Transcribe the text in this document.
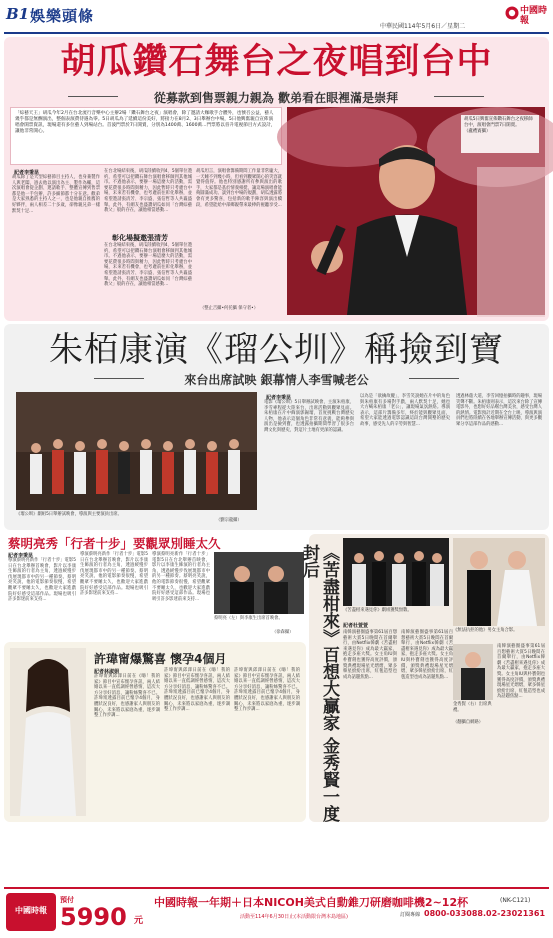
B1 娛樂頭條
中華民國114年5月6日／星期二
中國時報
胡瓜鑽石舞台之夜唱到台中
從募款到售票親力親為 歡弟看在眼裡滿是崇拜
「綜藝天王」胡瓜今年2月在台北流行音樂中心主辦2場「鑽石舞台之夜」演唱會，除了邀請大咖歌手合體外，也號召公益，藝人幾乎都是無酬演出，整個表演費待遇為零。5日胡瓜為了延續這份美好，將接力在8月2、3日舉辦台中場，5日他興奮親自宣佈演唱會開票資訊，現場還有多位藝人到場站台。首波門票於7日開賣，分別為1400萬、1600萬...門票將以晉升電視節目方式設計，讓他非常開心。
記者李秉昆
胡瓜除了是大型綜藝節目主持人，也身兼製作人與老闆，過去他以演出為主、製作為輔，這次演唱會從企劃、邀請歌手、整體宣傳到售票都是他一手包辦，許多細節都十分在意。歡弟是大家熟悉的主持人之一，也是他親自推薦的好夥伴，兩人相差二十多歲，卻像親兄弟一樣默契十足...
彰化場擬邀張清芳
在台北場結束後，胡瓜陸續收到4、5個單位邀約，希望可以把鑽石舞台演唱會移師到其他城市。不過他表示，要辦一場這麼大的活動，需要花費很多時間與精力，因此暫時只考慮台中場，未來若有機會，也考慮前往彰化舉辦，並希望邀請張清芳、李宗盛、張信哲等人共襄盛舉。此外，有網友也盛讚胡瓜如同「台灣綜藝教父」般的存在，讓他相當感動...
在台北場結束後，胡瓜陸續收到4、5個單位邀約，希望可以把鑽石舞台演唱會移師到其他城市。不過他表示，要辦一場這麼大的活動，需要花費很多時間與精力，因此暫時只考慮台中場，未來若有機會，也考慮前往彰化舉辦，並希望邀請張清芳、李宗盛、張信哲等人共襄盛舉。此外，有網友也盛讚胡瓜如同「台灣綜藝教父」般的存在，讓他相當感動...
胡瓜坦言，演唱會籌備期間工作量非常龐大，一天睡不到幾小時，但看到觀眾開心的笑容就覺得值得。他也特別感謝所有參與演出的歌手，大家都是基於情義相挺，讓這場演唱會能夠圓滿成功。談到台中場的規劃，胡瓜透露將會有更多驚喜，包括新的歌手陣容與演出橋段，希望能給中部鄉親帶來最棒的視聽享受...
（整止吉攝•何托攝 保守者•）
胡瓜5日興奮宣佈鑽石舞台之夜移師台中，演唱會門票7日開賣。
（盧禮賓攝）
朱栢康演《瑠公圳》稱撿到寶
來台出席試映 銀幕情人李雪喊老公
《瑠公圳》劇組5日舉辦試映會，導演與主要演員出席。
（劉宗龍攝）
記者李秉昆
電影《瑠公圳》5日舉辦試映會，主演朱栢康、李雪專程從大陸來台，出席活動與觀眾見面。朱栢康在片中飾演郭錫瑠，首度挑戰台灣歷史人物，他表示這個角色非常有意義，能夠參與演出是撿到寶，也透露拍攝期間學習了很多台灣文化與歷史，對這片土地有更深的認識。
以為是「欲擒故縱」，李雪笑說她在片中的角色與朱栢康有多場對手戲，兩人默契十足，她也大方喊朱栢康「老公」，讓現場氣氛熱絡。導演表示，這部片籌備多年，終於能與觀眾見面，希望大家能透過電影認識這段台灣開墾的歷史故事，感受先人的辛勞與智慧...
透過林蔭大道，李雪回憶拍攝時的趣事，現場笑聲不斷。朱栢康則表示，這次來台除了宣傳電影外，也想好好品嚐台灣美食，感受台灣人的熱情。電影預計近期在全台上映，導演與演員們也將陸續在各地舉辦宣傳活動，與更多觀眾分享這部作品的感動...
蔡明亮秀「行者十步」要觀眾別睡太久
記者李秉昆
導演蔡明亮新作「行者十步」電影5日在台北舉辦首映會，影片以李康生飾演的行者為主角，透過緩慢步伐展現都市中的另一種節奏。蔡明亮笑說，他的電影節奏很慢，希望觀眾不要睡太久，也歡迎大家進戲院好好感受這部作品。現場也吸引許多影迷前來支持...
導演蔡明亮新作「行者十步」電影5日在台北舉辦首映會，影片以李康生飾演的行者為主角，透過緩慢步伐展現都市中的另一種節奏。蔡明亮笑說，他的電影節奏很慢，希望觀眾不要睡太久，也歡迎大家進戲院好好感受這部作品。現場也吸引許多影迷前來支持...
導演蔡明亮新作「行者十步」電影5日在台北舉辦首映會，影片以李康生飾演的行者為主角，透過緩慢步伐展現都市中的另一種節奏。蔡明亮笑說，他的電影節奏很慢，希望觀眾不要睡太久，也歡迎大家進戲院好好感受這部作品。現場也吸引許多影迷前來支持...
蔡明亮（左）與李康生出席首映會。
（徐森攝）
許瑋甯爆驚喜 懷孕4個月
記者林淑娟
許瑋甯與邱澤日前在《嗨！我的家》節目中宣布懷孕喜訊，兩人結婚以來一直低調經營感情，這次大方分享好消息，讓粉絲驚喜不已。許瑋甯透露目前已懷孕4個月，身體狀況良好，也感謝家人與朋友的關心，未來將以家庭為重，逐步調整工作步調...
許瑋甯與邱澤日前在《嗨！我的家》節目中宣布懷孕喜訊，兩人結婚以來一直低調經營感情，這次大方分享好消息，讓粉絲驚喜不已。許瑋甯透露目前已懷孕4個月，身體狀況良好，也感謝家人與朋友的關心，未來將以家庭為重，逐步調整工作步調...
許瑋甯與邱澤日前在《嗨！我的家》節目中宣布懷孕喜訊，兩人結婚以來一直低調經營感情，這次大方分享好消息，讓粉絲驚喜不已。許瑋甯透露目前已懷孕4個月，身體狀況良好，也感謝家人與朋友的關心，未來將以家庭為重，逐步調整工作步調...	《苦盡柑來》百想大贏家 金秀賢一度封后
《苦盡柑來遇見你》劇組獲獎無數。
《無法抗拒的他》男女主角合影。
記者杜萱萱
南韓演藝圈盛事第61屆百想藝術大賞5日晚間在首爾舉行，由Netflix韓劇《苦盡柑來遇見你》成為最大贏家，抱走多座大獎。女主角IU與朴寶劍也獲得高度評價，頒獎典禮現場星光熠熠，眾多韓星紛紛出席，紅毯造型也成為話題焦點...
南韓演藝圈盛事第61屆百想藝術大賞5日晚間在首爾舉行，由Netflix韓劇《苦盡柑來遇見你》成為最大贏家，抱走多座大獎。女主角IU與朴寶劍也獲得高度評價，頒獎典禮現場星光熠熠，眾多韓星紛紛出席，紅毯造型也成為話題焦點...
南韓演藝圈盛事第61屆百想藝術大賞5日晚間在首爾舉行，由Netflix韓劇《苦盡柑來遇見你》成為最大贏家，抱走多座大獎。女主角IU與朴寶劍也獲得高度評價，頒獎典禮現場星光熠熠，眾多韓星紛紛出席，紅毯造型也成為話題焦點...
金秀賢（右）出席典禮。
（翻攝自網路）
中國時報
預付
5990 元
中國時報一年期＋日本NICOH美式自動錐刀研磨咖啡機2~12杯	(NK-C121)
活動至114年6月30日止(本活動限台灣本島地區)	訂閱專線 0800-033088.02-23021361
